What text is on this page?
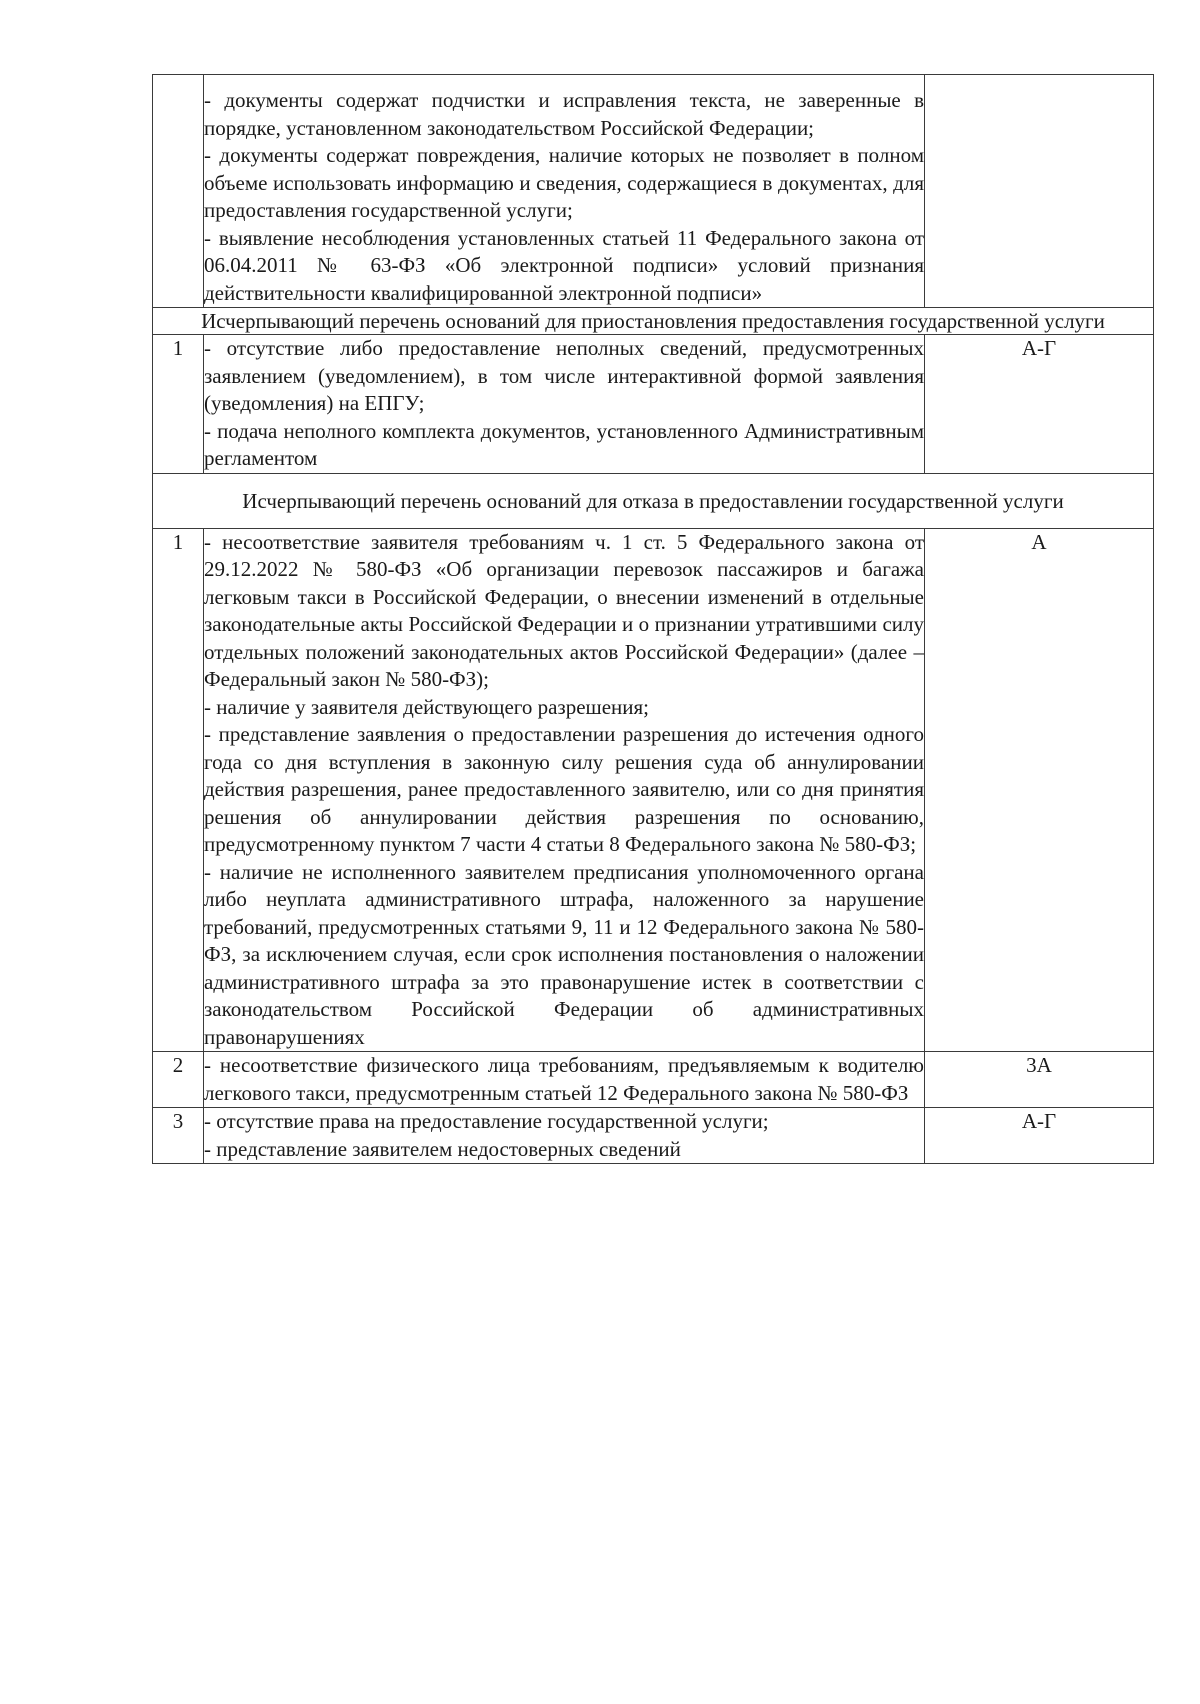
	- документы содержат подчистки и исправления текста, не заверенные в порядке, установленном законодательством Российской Федерации;
- документы содержат повреждения, наличие которых не позволяет в полном объеме использовать информацию и сведения, содержащиеся в документах, для предоставления государственной услуги;
- выявление несоблюдения установленных статьей 11 Федерального закона от 06.04.2011 № 63-ФЗ «Об электронной подписи» условий признания действительности квалифицированной электронной подписи»	

Исчерпывающий перечень оснований для приостановления предоставления государственной услуги		
1	- отсутствие либо предоставление неполных сведений, предусмотренных заявлением (уведомлением), в том числе интерактивной формой заявления (уведомления) на ЕПГУ;
- подача неполного комплекта документов, установленного Административным регламентом	А-Г
Исчерпывающий перечень оснований для отказа в предоставлении государственной услуги		
1	- несоответствие заявителя требованиям ч. 1 ст. 5 Федерального закона от 29.12.2022 № 580-ФЗ «Об организации перевозок пассажиров и багажа легковым такси в Российской Федерации, о внесении изменений в отдельные законодательные акты Российской Федерации и о признании утратившими силу отдельных положений законодательных актов Российской Федерации» (далее – Федеральный закон № 580-ФЗ);
- наличие у заявителя действующего разрешения;
- представление заявления о предоставлении разрешения до истечения одного года со дня вступления в законную силу решения суда об аннулировании действия разрешения, ранее предоставленного заявителю, или со дня принятия решения об аннулировании действия разрешения по основанию, предусмотренному пунктом 7 части 4 статьи 8 Федерального закона № 580-ФЗ;
- наличие не исполненного заявителем предписания уполномоченного органа либо неуплата административного штрафа, наложенного за нарушение требований, предусмотренных статьями 9, 11 и 12 Федерального закона № 580-ФЗ, за исключением случая, если срок исполнения постановления о наложении административного штрафа за это правонарушение истек в соответствии с законодательством Российской Федерации об административных правонарушениях	А
2	- несоответствие физического лица требованиям, предъявляемым к водителю легкового такси, предусмотренным статьей 12 Федерального закона № 580-ФЗ	3А
3	- отсутствие права на предоставление государственной услуги;
- представление заявителем недостоверных сведений	А-Г
